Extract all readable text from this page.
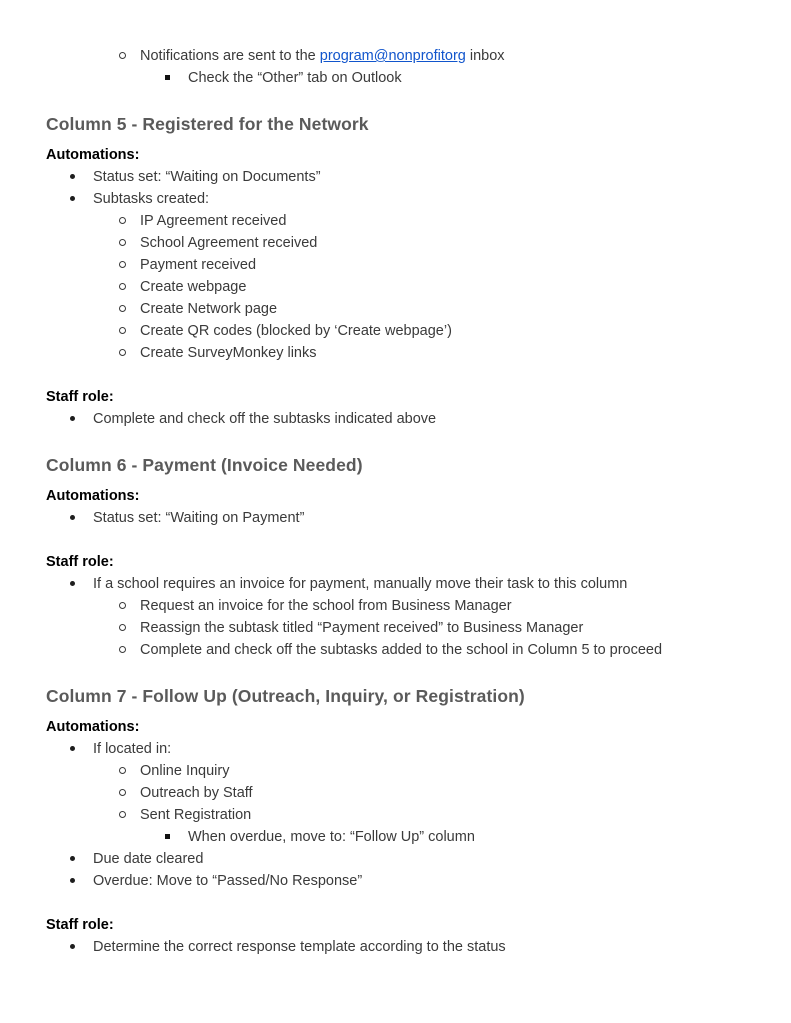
Notifications are sent to the program@nonprofitorg inbox
Check the “Other” tab on Outlook
Column 5 - Registered for the Network
Automations:
Status set: “Waiting on Documents”
Subtasks created:
IP Agreement received
School Agreement received
Payment received
Create webpage
Create Network page
Create QR codes (blocked by ‘Create webpage’)
Create SurveyMonkey links
Staff role:
Complete and check off the subtasks indicated above
Column 6 - Payment (Invoice Needed)
Automations:
Status set: “Waiting on Payment”
Staff role:
If a school requires an invoice for payment, manually move their task to this column
Request an invoice for the school from Business Manager
Reassign the subtask titled “Payment received” to Business Manager
Complete and check off the subtasks added to the school in Column 5 to proceed
Column 7 - Follow Up (Outreach, Inquiry, or Registration)
Automations:
If located in:
Online Inquiry
Outreach by Staff
Sent Registration
When overdue, move to: “Follow Up” column
Due date cleared
Overdue: Move to “Passed/No Response”
Staff role:
Determine the correct response template according to the status
